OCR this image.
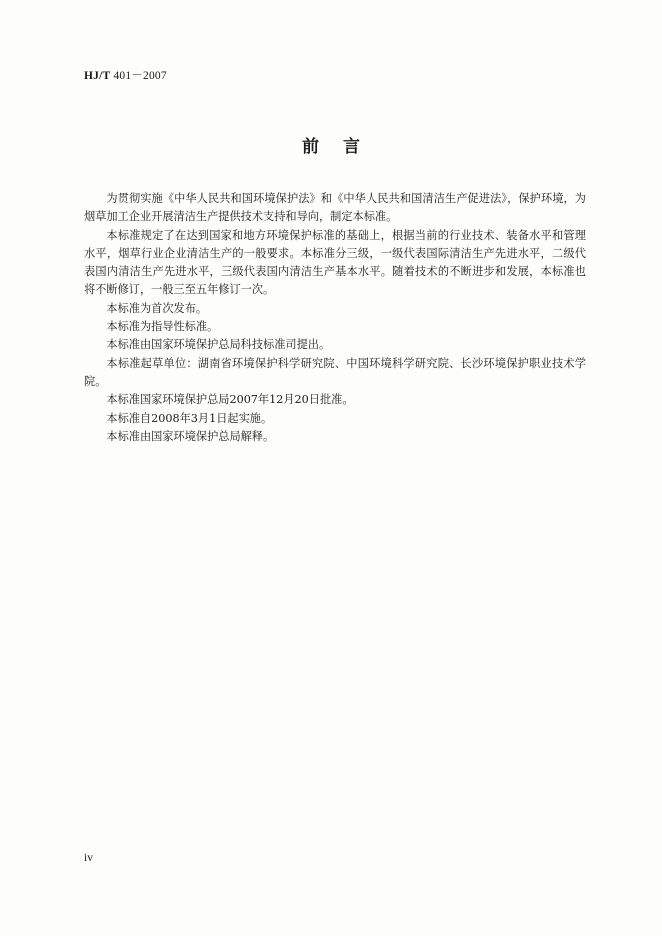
HJ/T 401－2007
前言

为贯彻实施《中华人民共和国环境保护法》和《中华人民共和国清洁生产促进法》，保护环境，为烟草加工企业开展清洁生产提供技术支持和导向，制定本标准。

本标准规定了在达到国家和地方环境保护标准的基础上，根据当前的行业技术、装备水平和管理水平，烟草行业企业清洁生产的一般要求。本标准分三级，一级代表国际清洁生产先进水平，二级代表国内清洁生产先进水平，三级代表国内清洁生产基本水平。随着技术的不断进步和发展，本标准也将不断修订，一般三至五年修订一次。

本标准为首次发布。

本标准为指导性标准。

本标准由国家环境保护总局科技标准司提出。

本标准起草单位：湖南省环境保护科学研究院、中国环境科学研究院、长沙环境保护职业技术学院。

本标准国家环境保护总局2007年12月20日批准。

本标准自2008年3月1日起实施。

本标准由国家环境保护总局解释。

iv
